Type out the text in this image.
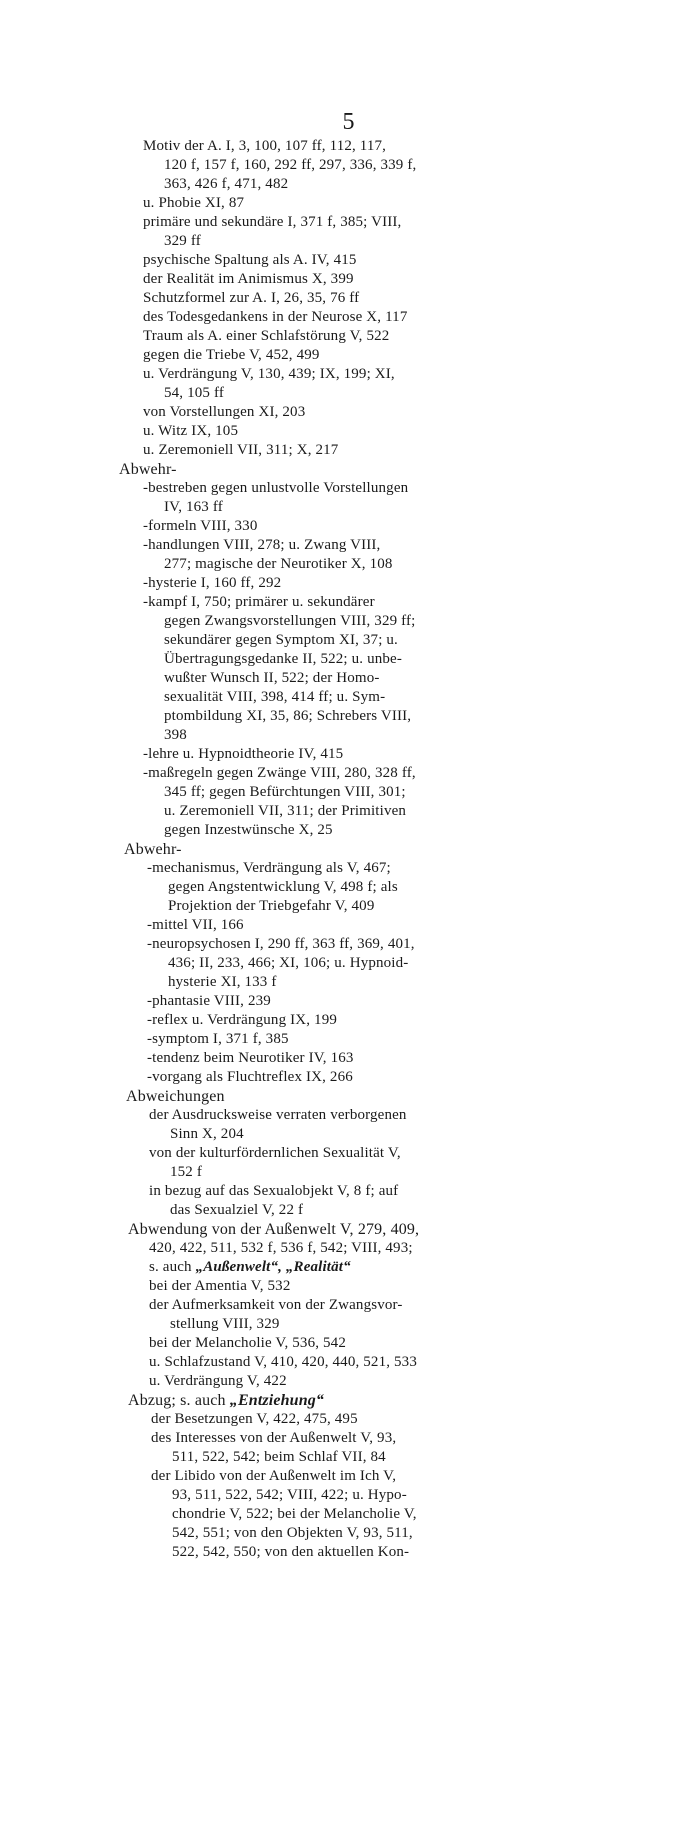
5
Motiv der A. I, 3, 100, 107 ff, 112, 117,
120 f, 157 f, 160, 292 ff, 297, 336, 339 f,
363, 426 f, 471, 482
u. Phobie XI, 87
primäre und sekundäre I, 371 f, 385; VIII,
329 ff
psychische Spaltung als A. IV, 415
der Realität im Animismus X, 399
Schutzformel zur A. I, 26, 35, 76 ff
des Todesgedankens in der Neurose X, 117
Traum als A. einer Schlafstörung V, 522
gegen die Triebe V, 452, 499
u. Verdrängung V, 130, 439; IX, 199; XI,
54, 105 ff
von Vorstellungen XI, 203
u. Witz IX, 105
u. Zeremoniell VII, 311; X, 217
Abwehr-
-bestreben gegen unlustvolle Vorstellungen
IV, 163 ff
-formeln VIII, 330
-handlungen VIII, 278; u. Zwang VIII,
277; magische der Neurotiker X, 108
-hysterie I, 160 ff, 292
-kampf I, 750; primärer u. sekundärer
gegen Zwangsvorstellungen VIII, 329 ff;
sekundärer gegen Symptom XI, 37; u.
Übertragungsgedanke II, 522; u. unbe-
wußter Wunsch II, 522; der Homo-
sexualität VIII, 398, 414 ff; u. Sym-
ptombildung XI, 35, 86; Schrebers VIII,
398
-lehre u. Hypnoidtheorie IV, 415
-maßregeln gegen Zwänge VIII, 280, 328 ff,
345 ff; gegen Befürchtungen VIII, 301;
u. Zeremoniell VII, 311; der Primitiven
gegen Inzestwünsche X, 25
Abwehr-
-mechanismus, Verdrängung als V, 467;
gegen Angstentwicklung V, 498 f; als
Projektion der Triebgefahr V, 409
-mittel VII, 166
-neuropsychosen I, 290 ff, 363 ff, 369, 401,
436; II, 233, 466; XI, 106; u. Hypnoid-
hysterie XI, 133 f
-phantasie VIII, 239
-reflex u. Verdrängung IX, 199
-symptom I, 371 f, 385
-tendenz beim Neurotiker IV, 163
-vorgang als Fluchtreflex IX, 266
Abweichungen
der Ausdrucksweise verraten verborgenen
Sinn X, 204
von der kulturfördernlichen Sexualität V,
152 f
in bezug auf das Sexualobjekt V, 8 f; auf
das Sexualziel V, 22 f
Abwendung von der Außenwelt V, 279, 409,
420, 422, 511, 532 f, 536 f, 542; VIII, 493;
s. auch „Außenwelt“, „Realität“
bei der Amentia V, 532
der Aufmerksamkeit von der Zwangsvor-
stellung VIII, 329
bei der Melancholie V, 536, 542
u. Schlafzustand V, 410, 420, 440, 521, 533
u. Verdrängung V, 422
Abzug; s. auch „Entziehung“
der Besetzungen V, 422, 475, 495
des Interesses von der Außenwelt V, 93,
511, 522, 542; beim Schlaf VII, 84
der Libido von der Außenwelt im Ich V,
93, 511, 522, 542; VIII, 422; u. Hypo-
chondrie V, 522; bei der Melancholie V,
542, 551; von den Objekten V, 93, 511,
522, 542, 550; von den aktuellen Kon-
